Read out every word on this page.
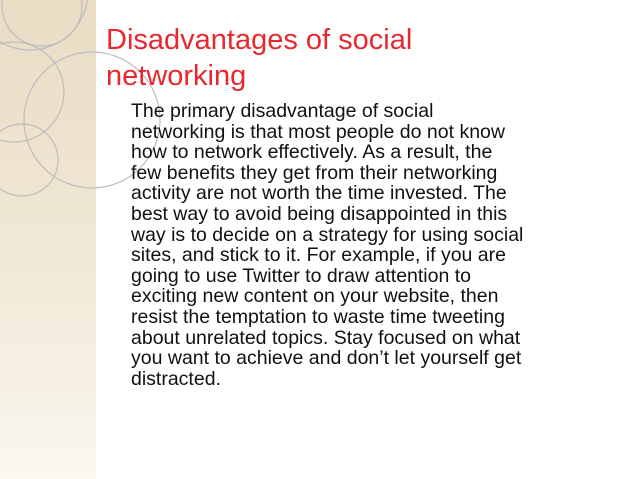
Disadvantages of social
networking

The primary disadvantage of social
networking is that most people do not know
how to network effectively. As a result, the
few benefits they get from their networking
activity are not worth the time invested. The
best way to avoid being disappointed in this
way is to decide on a strategy for using social
sites, and stick to it. For example, if you are
going to use Twitter to draw attention to
exciting new content on your website, then
resist the temptation to waste time tweeting
about unrelated topics. Stay focused on what
you want to achieve and don’t let yourself get
distracted.
